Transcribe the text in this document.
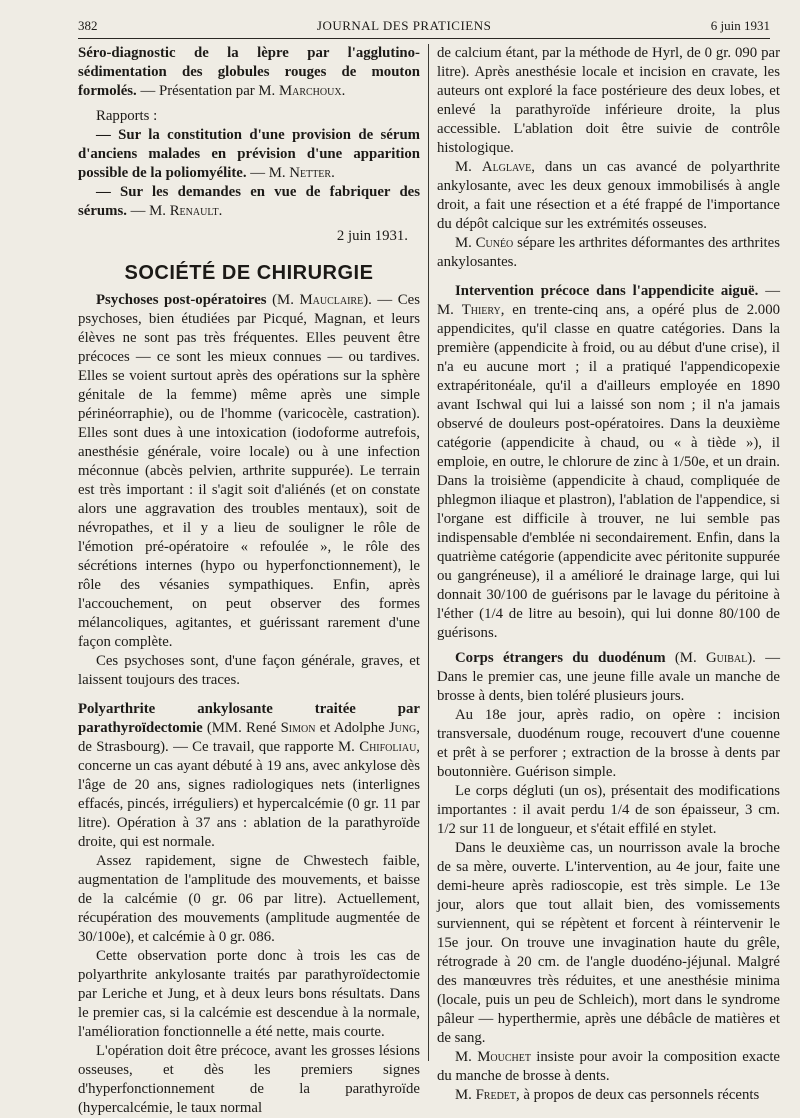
382	JOURNAL DES PRATICIENS	6 juin 1931

Séro-diagnostic de la lèpre par l'agglutino-sédimentation des globules rouges de mouton formolés. — Présentation par M. Marchoux.

Rapports :

— Sur la constitution d'une provision de sérum d'anciens malades en prévision d'une apparition possible de la poliomyélite. — M. Netter.

— Sur les demandes en vue de fabriquer des sérums. — M. Renault.

2 juin 1931.
SOCIÉTÉ DE CHIRURGIE

Psychoses post-opératoires (M. Mauclaire). — Ces psychoses, bien étudiées par Picqué, Magnan, et leurs élèves ne sont pas très fréquentes. Elles peuvent être précoces — ce sont les mieux connues — ou tardives. Elles se voient surtout après des opérations sur la sphère génitale de la femme) même après une simple périnéorraphie), ou de l'homme (varicocèle, castration). Elles sont dues à une intoxication (iodoforme autrefois, anesthésie générale, voire locale) ou à une infection méconnue (abcès pelvien, arthrite suppurée). Le terrain est très important : il s'agit soit d'aliénés (et on constate alors une aggravation des troubles mentaux), soit de névropathes, et il y a lieu de souligner le rôle de l'émotion pré-opératoire « refoulée », le rôle des sécrétions internes (hypo ou hyperfonctionnement), le rôle des vésanies sympathiques. Enfin, après l'accouchement, on peut observer des formes mélancoliques, agitantes, et guérissant rarement d'une façon complète.

Ces psychoses sont, d'une façon générale, graves, et laissent toujours des traces.

Polyarthrite ankylosante traitée par parathyroïdectomie (MM. René Simon et Adolphe Jung, de Strasbourg). — Ce travail, que rapporte M. Chifoliau, concerne un cas ayant débuté à 19 ans, avec ankylose dès l'âge de 20 ans, signes radiologiques nets (interlignes effacés, pincés, irréguliers) et hypercalcémie (0 gr. 11 par litre). Opération à 37 ans : ablation de la parathyroïde droite, qui est normale.

Assez rapidement, signe de Chwestech faible, augmentation de l'amplitude des mouvements, et baisse de la calcémie (0 gr. 06 par litre). Actuellement, récupération des mouvements (amplitude augmentée de 30/100e), et calcémie à 0 gr. 086.

Cette observation porte donc à trois les cas de polyarthrite ankylosante traités par parathyroïdectomie par Leriche et Jung, et à deux leurs bons résultats. Dans le premier cas, si la calcémie est descendue à la normale, l'amélioration fonctionnelle a été nette, mais courte.

L'opération doit être précoce, avant les grosses lésions osseuses, et dès les premiers signes d'hyperfonctionnement de la parathyroïde (hypercalcémie, le taux normal

de calcium étant, par la méthode de Hyrl, de 0 gr. 090 par litre). Après anesthésie locale et incision en cravate, les auteurs ont exploré la face postérieure des deux lobes, et enlevé la parathyroïde inférieure droite, la plus accessible. L'ablation doit être suivie de contrôle histologique.

M. Alglave, dans un cas avancé de polyarthrite ankylosante, avec les deux genoux immobilisés à angle droit, a fait une résection et a été frappé de l'importance du dépôt calcique sur les extrémités osseuses.

M. Cunéo sépare les arthrites déformantes des arthrites ankylosantes.

Intervention précoce dans l'appendicite aiguë. — M. Thiery, en trente-cinq ans, a opéré plus de 2.000 appendicites, qu'il classe en quatre catégories. Dans la première (appendicite à froid, ou au début d'une crise), il n'a eu aucune mort ; il a pratiqué l'appendicopexie extrapéritonéale, qu'il a d'ailleurs employée en 1890 avant Ischwal qui lui a laissé son nom ; il n'a jamais observé de douleurs post-opératoires. Dans la deuxième catégorie (appendicite à chaud, ou « à tiède »), il emploie, en outre, le chlorure de zinc à 1/50e, et un drain. Dans la troisième (appendicite à chaud, compliquée de phlegmon iliaque et plastron), l'ablation de l'appendice, si l'organe est difficile à trouver, ne lui semble pas indispensable d'emblée ni secondairement. Enfin, dans la quatrième catégorie (appendicite avec péritonite suppurée ou gangréneuse), il a amélioré le drainage large, qui lui donnait 30/100 de guérisons par le lavage du péritoine à l'éther (1/4 de litre au besoin), qui lui donne 80/100 de guérisons.

Corps étrangers du duodénum (M. Guibal). — Dans le premier cas, une jeune fille avale un manche de brosse à dents, bien toléré plusieurs jours.

Au 18e jour, après radio, on opère : incision transversale, duodénum rouge, recouvert d'une couenne et prêt à se perforer ; extraction de la brosse à dents par boutonnière. Guérison simple.

Le corps dégluti (un os), présentait des modifications importantes : il avait perdu 1/4 de son épaisseur, 3 cm. 1/2 sur 11 de longueur, et s'était effilé en stylet.

Dans le deuxième cas, un nourrisson avale la broche de sa mère, ouverte. L'intervention, au 4e jour, faite une demi-heure après radioscopie, est très simple. Le 13e jour, alors que tout allait bien, des vomissements surviennent, qui se répètent et forcent à réintervenir le 15e jour. On trouve une invagination haute du grêle, rétrograde à 20 cm. de l'angle duodéno-jéjunal. Malgré des manœuvres très réduites, et une anesthésie minima (locale, puis un peu de Schleich), mort dans le syndrome pâleur — hyperthermie, après une débâcle de matières et de sang.

M. Mouchet insiste pour avoir la composition exacte du manche de brosse à dents.

M. Fredet, à propos de deux cas personnels récents
